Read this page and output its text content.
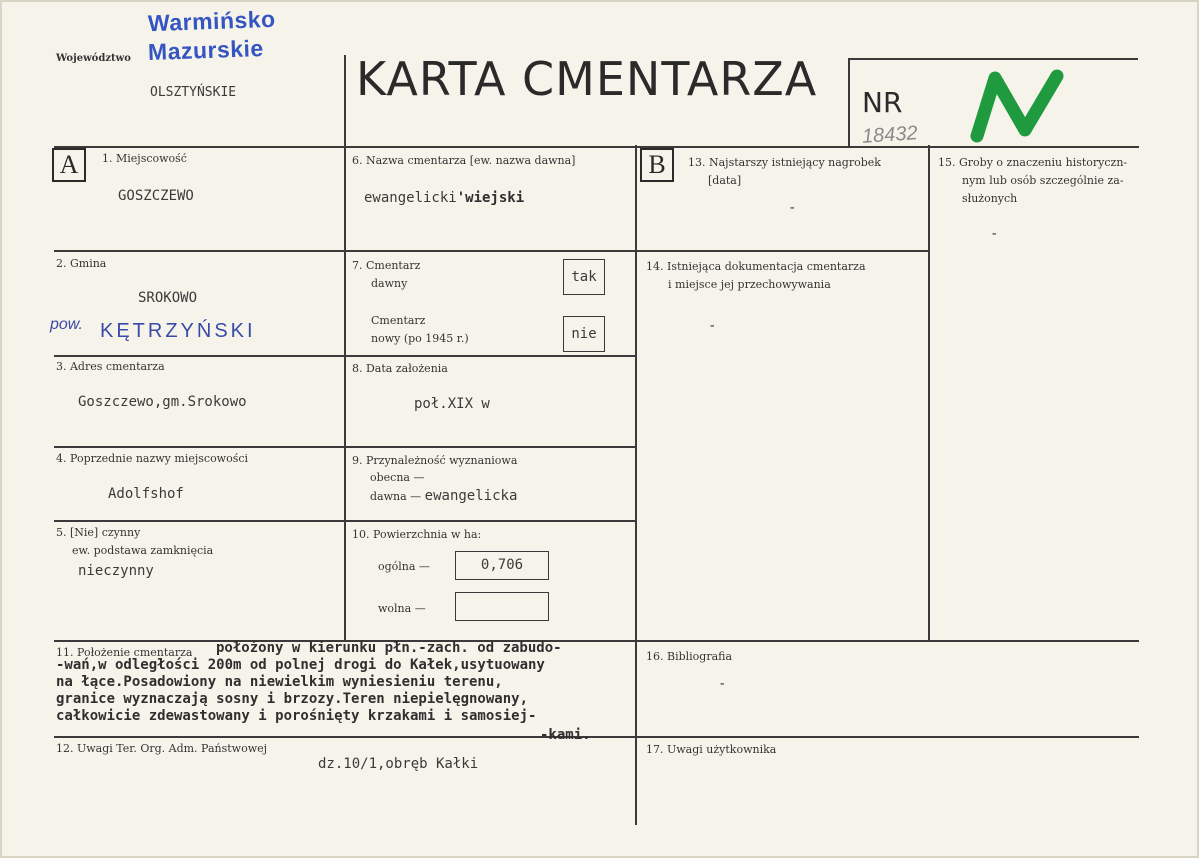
Województwo
Warmińsko
Mazurskie
OLSZTYŃSKIE	KARTA CMENTARZA NR
18432
A	1. Miejscowość
GOSZCZEWO
2. Gmina
SROKOWO
pow. KĘTRZYŃSKI
3. Adres cmentarza
Goszczewo,gm.Srokowo
4. Poprzednie nazwy miejscowości
Adolfshof
5. [Nie] czynny
ew. podstawa zamknięcia
nieczynny
6. Nazwa cmentarza [ew. nazwa dawna]
ewangelicki'wiejski
7. Cmentarz
dawny	tak
Cmentarz
nowy (po 1945 r.)	nie
8. Data założenia
poł.XIX w
9. Przynależność wyznaniowa
obecna —
dawna — ewangelicka
10. Powierzchnia w ha:
ogólna —	0,706
wolna —
B	13. Najstarszy istniejący nagrobek
[data]
-
14. Istniejąca dokumentacja cmentarza
i miejsce jej przechowywania
-
15. Groby o znaczeniu historyczn-
nym lub osób szczególnie za-
służonych
-
11. Położenie cmentarza położony w kierunku płn.-zach. od zabudo-
-wań,w odległości 200m od polnej drogi do Kałek,usytuowany
na łące.Posadowiony na niewielkim wyniesieniu terenu,
granice wyznaczają sosny i brzozy.Teren niepielęgnowany,
całkowicie zdewastowany i porośnięty krzakami i samosiej-
-kami.
16. Bibliografia
-
12. Uwagi Ter. Org. Adm. Państwowej
dz.10/1,obręb Kałki
17. Uwagi użytkownika
